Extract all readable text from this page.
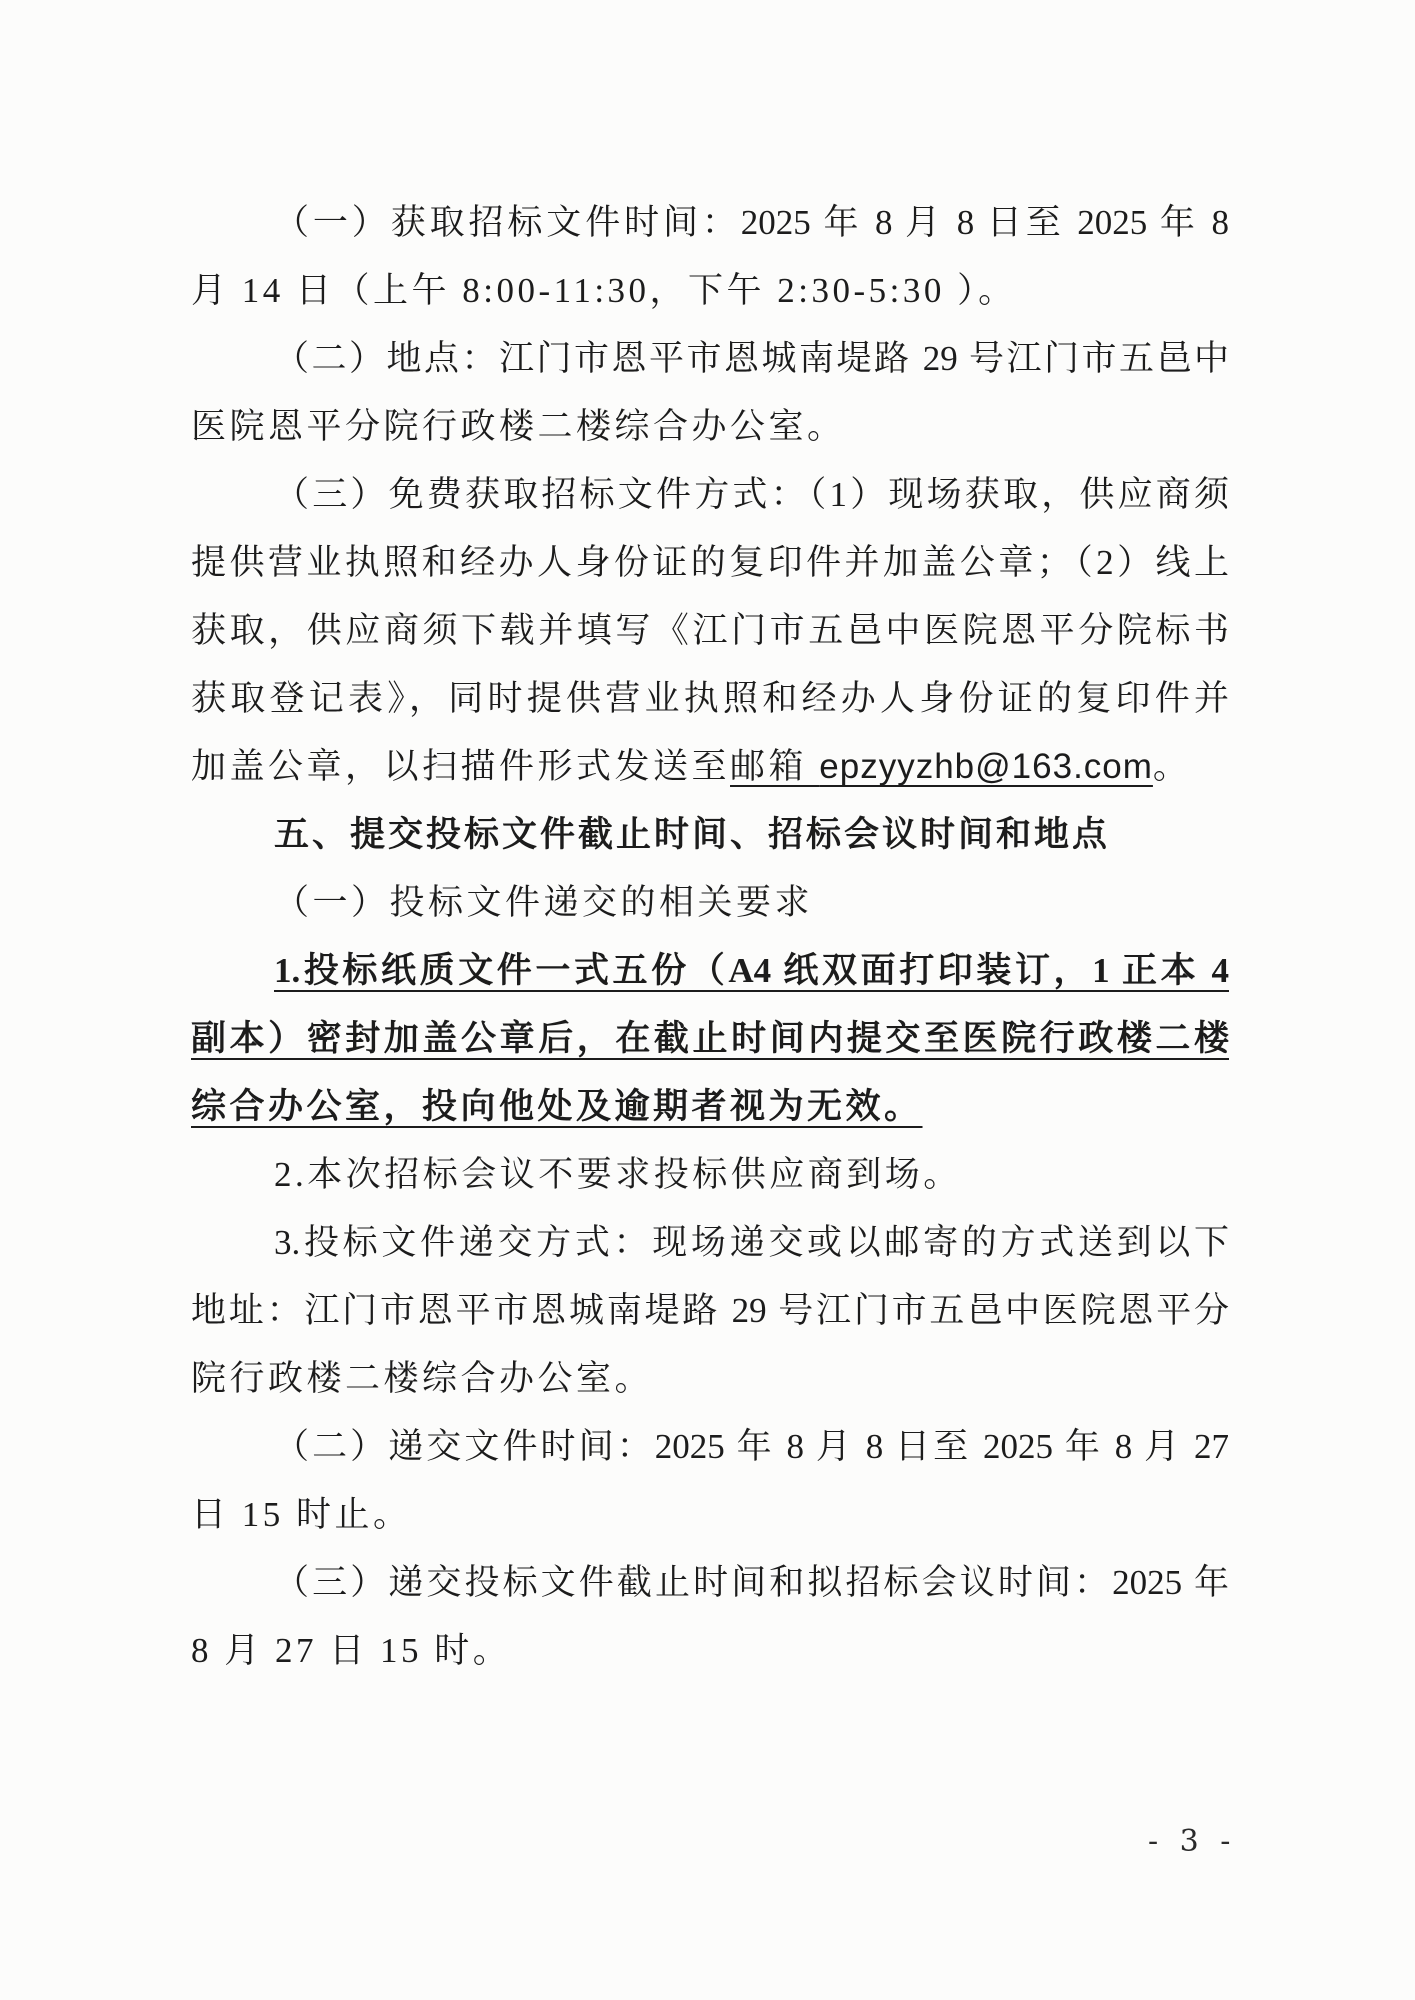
（一）获取招标文件时间：2025 年 8 月 8 日至 2025 年 8
月 14 日（上午 8:00-11:30，下午 2:30-5:30 ）。
（二）地点：江门市恩平市恩城南堤路 29 号江门市五邑中
医院恩平分院行政楼二楼综合办公室。
（三）免费获取招标文件方式：（1）现场获取，供应商须
提供营业执照和经办人身份证的复印件并加盖公章；（2）线上
获取，供应商须下载并填写《江门市五邑中医院恩平分院标书
获取登记表》，同时提供营业执照和经办人身份证的复印件并
加盖公章，以扫描件形式发送至邮箱 epzyyzhb@163.com。
五、提交投标文件截止时间、招标会议时间和地点
（一）投标文件递交的相关要求
1.投标纸质文件一式五份（A4 纸双面打印装订，1 正本 4
副本）密封加盖公章后，在截止时间内提交至医院行政楼二楼
综合办公室，投向他处及逾期者视为无效。
2.本次招标会议不要求投标供应商到场。
3.投标文件递交方式：现场递交或以邮寄的方式送到以下
地址：江门市恩平市恩城南堤路 29 号江门市五邑中医院恩平分
院行政楼二楼综合办公室。
（二）递交文件时间：2025 年 8 月 8 日至 2025 年 8 月 27
日 15 时止。
（三）递交投标文件截止时间和拟招标会议时间：2025 年
8 月 27 日 15 时。
- 3 -
